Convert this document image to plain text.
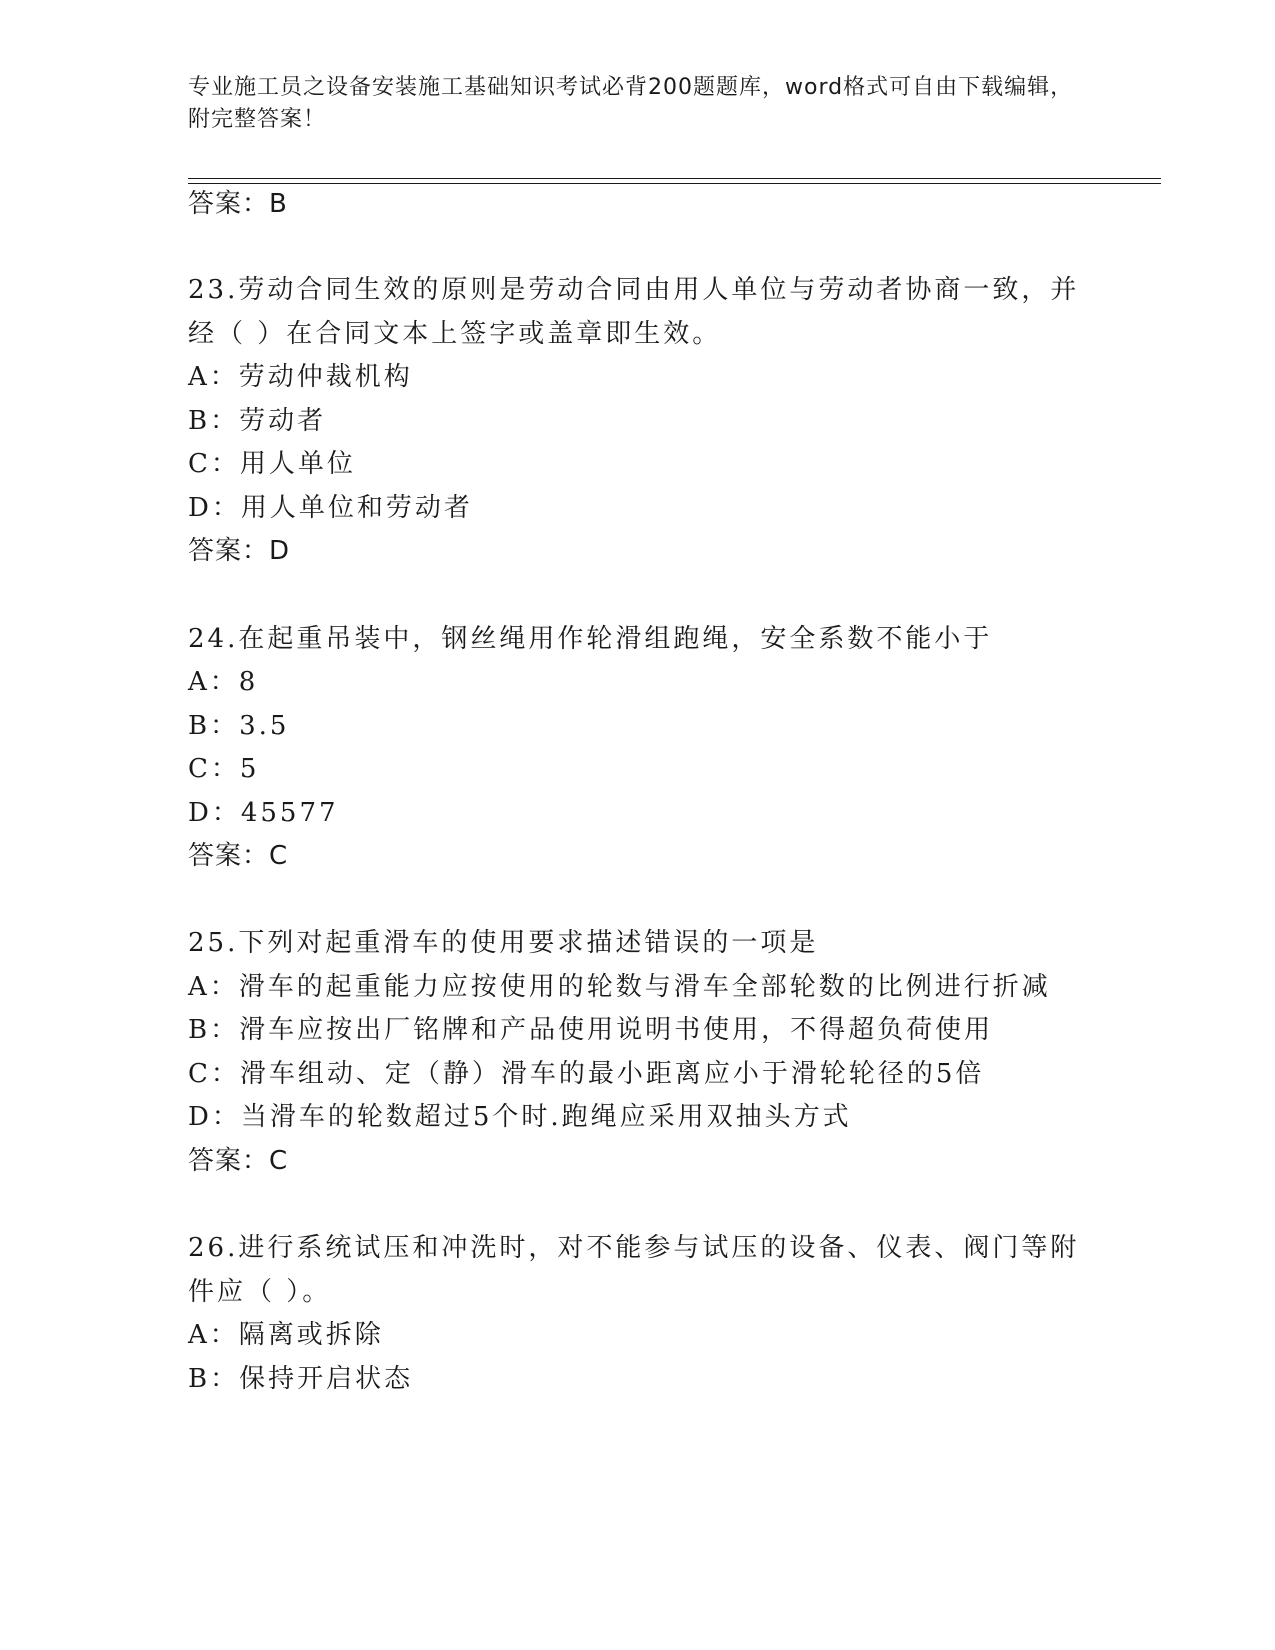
专业施工员之设备安装施工基础知识考试必背200题题库，word格式可自由下载编辑，附完整答案！
答案：B
23.劳动合同生效的原则是劳动合同由用人单位与劳动者协商一致，并
经（ ）在合同文本上签字或盖章即生效。
A：劳动仲裁机构
B：劳动者
C：用人单位
D：用人单位和劳动者
答案：D
24.在起重吊装中，钢丝绳用作轮滑组跑绳，安全系数不能小于
A：8
B：3.5
C：5
D：45577
答案：C
25.下列对起重滑车的使用要求描述错误的一项是
A：滑车的起重能力应按使用的轮数与滑车全部轮数的比例进行折减
B：滑车应按出厂铭牌和产品使用说明书使用，不得超负荷使用
C：滑车组动、定（静）滑车的最小距离应小于滑轮轮径的5倍
D：当滑车的轮数超过5个时.跑绳应采用双抽头方式
答案：C
26.进行系统试压和冲洗时，对不能参与试压的设备、仪表、阀门等附
件应（ ）。
A：隔离或拆除
B：保持开启状态
